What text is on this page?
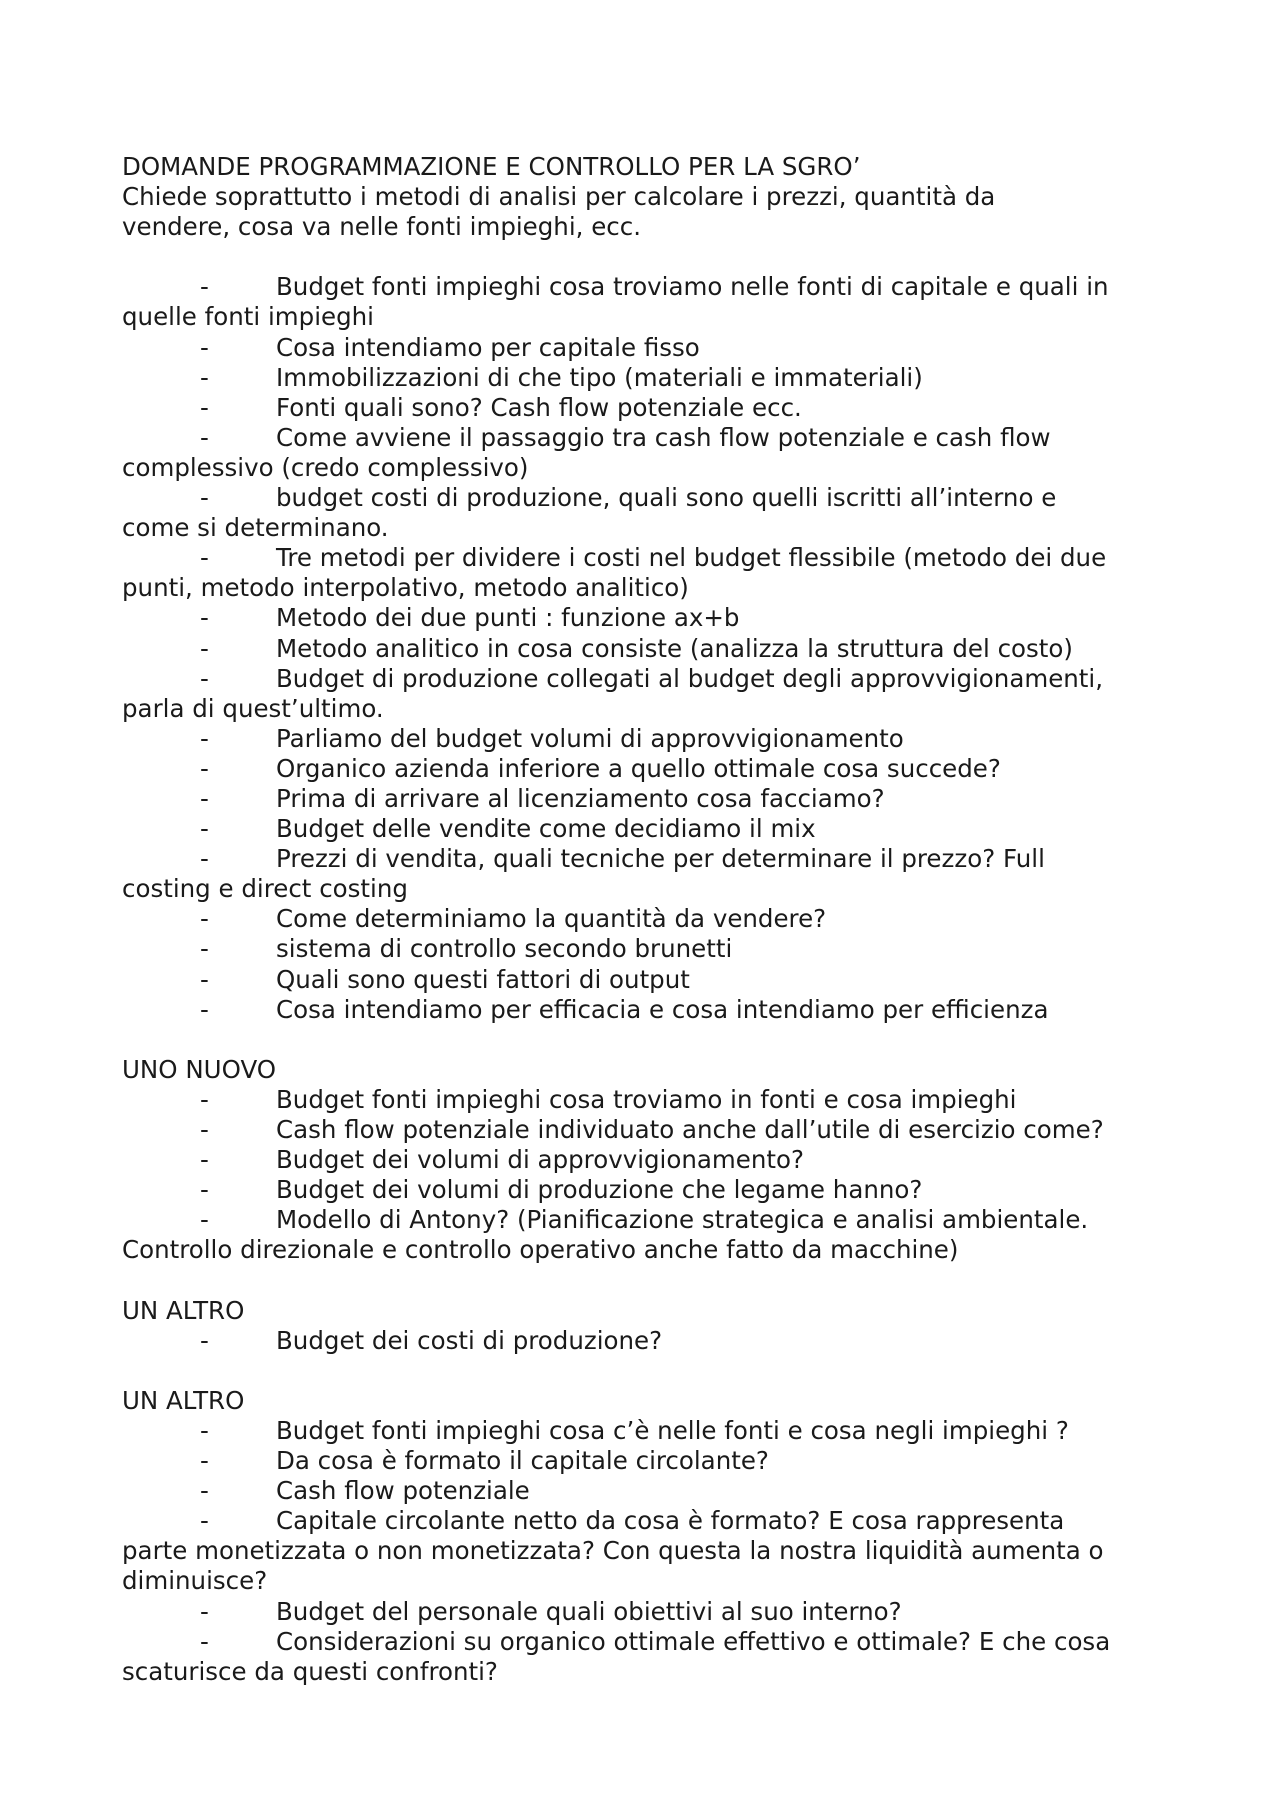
DOMANDE PROGRAMMAZIONE E CONTROLLO PER LA SGRO’
Chiede soprattutto i metodi di analisi per calcolare i prezzi, quantità da
vendere, cosa va nelle fonti impieghi, ecc.
-	Budget fonti impieghi cosa troviamo nelle fonti di capitale e quali in
quelle fonti impieghi
-	Cosa intendiamo per capitale fisso
-	Immobilizzazioni di che tipo (materiali e immateriali)
-	Fonti quali sono? Cash flow potenziale ecc.
-	Come avviene il passaggio tra cash flow potenziale e cash flow
complessivo (credo complessivo)
-	budget costi di produzione, quali sono quelli iscritti all’interno e
come si determinano.
-	Tre metodi per dividere i costi nel budget flessibile (metodo dei due
punti, metodo interpolativo, metodo analitico)
-	Metodo dei due punti : funzione ax+b
-	Metodo analitico in cosa consiste (analizza la struttura del costo)
-	Budget di produzione collegati al budget degli approvvigionamenti,
parla di quest’ultimo.
-	Parliamo del budget volumi di approvvigionamento
-	Organico azienda inferiore a quello ottimale cosa succede?
-	Prima di arrivare al licenziamento cosa facciamo?
-	Budget delle vendite come decidiamo il mix
-	Prezzi di vendita, quali tecniche per determinare il prezzo? Full
costing e direct costing
-	Come determiniamo la quantità da vendere?
-	sistema di controllo secondo brunetti
-	Quali sono questi fattori di output
-	Cosa intendiamo per efficacia e cosa intendiamo per efficienza
UNO NUOVO
-	Budget fonti impieghi cosa troviamo in fonti e cosa impieghi
-	Cash flow potenziale individuato anche dall’utile di esercizio come?
-	Budget dei volumi di approvvigionamento?
-	Budget dei volumi di produzione che legame hanno?
-	Modello di Antony? (Pianificazione strategica e analisi ambientale.
Controllo direzionale e controllo operativo anche fatto da macchine)
UN ALTRO
-	Budget dei costi di produzione?
UN ALTRO
-	Budget fonti impieghi cosa c’è nelle fonti e cosa negli impieghi ?
-	Da cosa è formato il capitale circolante?
-	Cash flow potenziale
-	Capitale circolante netto da cosa è formato? E cosa rappresenta
parte monetizzata o non monetizzata? Con questa la nostra liquidità aumenta o
diminuisce?
-	Budget del personale quali obiettivi al suo interno?
-	Considerazioni su organico ottimale effettivo e ottimale? E che cosa
scaturisce da questi confronti?
